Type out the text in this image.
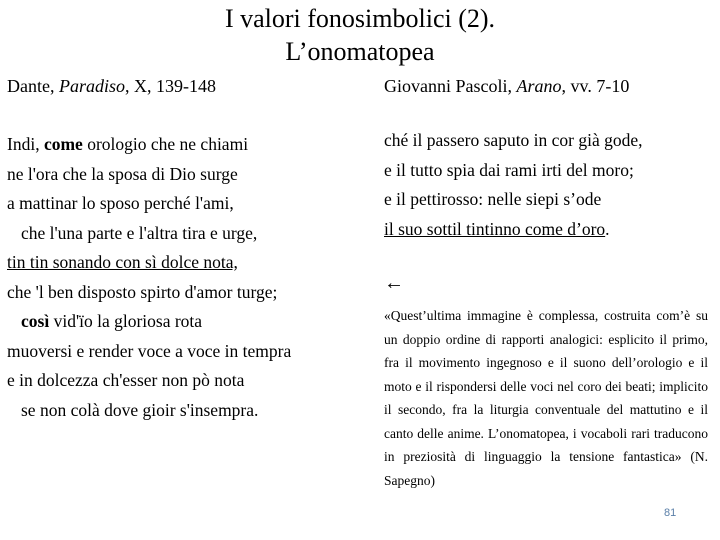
I valori fonosimbolici (2).
L’onomatopea
Dante, Paradiso, X, 139-148	Giovanni Pascoli, Arano, vv. 7-10
Indi, come orologio che ne chiami
ne l'ora che la sposa di Dio surge
a mattinar lo sposo perché l'ami,
che l'una parte e l'altra tira e urge,
tin tin sonando con sì dolce nota,
che 'l ben disposto spirto d'amor turge;
così vid'ïo la gloriosa rota
muoversi e render voce a voce in tempra
e in dolcezza ch'esser non pò nota
se non colà dove gioir s'insempra.
ché il passero saputo in cor già gode,
e il tutto spia dai rami irti del moro;
e il pettirosso: nelle siepi s’ode
il suo sottil tintinno come d’oro.
←
«Quest’ultima immagine è complessa, costruita com’è su un doppio ordine di rapporti analogici: esplicito il primo, fra il movimento ingegnoso e il suono dell’orologio e il moto e il rispondersi delle voci nel coro dei beati; implicito il secondo, fra la liturgia conventuale del mattutino e il canto delle anime. L’onomatopea, i vocaboli rari traducono in preziosità di linguaggio la tensione fantastica» (N. Sapegno)
81
